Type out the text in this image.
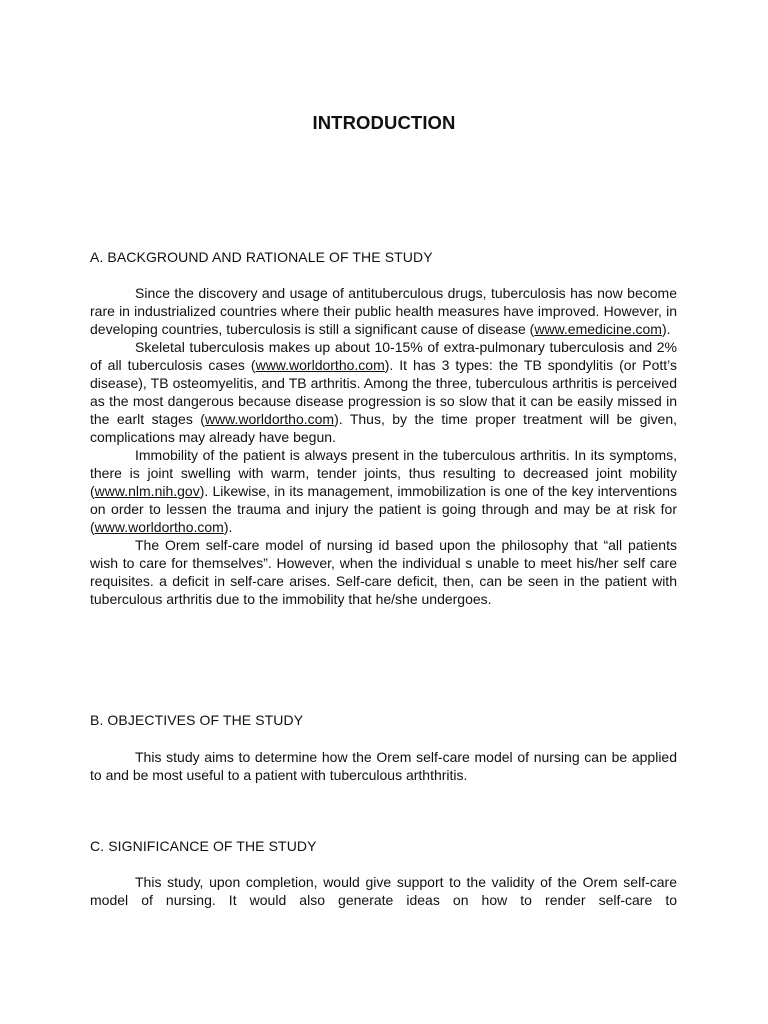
INTRODUCTION
A. BACKGROUND AND RATIONALE OF THE STUDY

Since the discovery and usage of antituberculous drugs, tuberculosis has now become rare in industrialized countries where their public health measures have improved. However, in developing countries, tuberculosis is still a significant cause of disease (www.emedicine.com).

Skeletal tuberculosis makes up about 10-15% of extra-pulmonary tuberculosis and 2% of all tuberculosis cases (www.worldortho.com). It has 3 types: the TB spondylitis (or Pott’s disease), TB osteomyelitis, and TB arthritis. Among the three, tuberculous arthritis is perceived as the most dangerous because disease progression is so slow that it can be easily missed in the earlt stages (www.worldortho.com). Thus, by the time proper treatment will be given, complications may already have begun.

Immobility of the patient is always present in the tuberculous arthritis. In its symptoms, there is joint swelling with warm, tender joints, thus resulting to decreased joint mobility (www.nlm.nih.gov). Likewise, in its management, immobilization is one of the key interventions on order to lessen the trauma and injury the patient is going through and may be at risk for (www.worldortho.com).

The Orem self-care model of nursing id based upon the philosophy that “all patients wish to care for themselves”. However, when the individual s unable to meet his/her self care requisites. a deficit in self-care arises. Self-care deficit, then, can be seen in the patient with tuberculous arthritis due to the immobility that he/she undergoes.

B. OBJECTIVES OF THE STUDY

This study aims to determine how the Orem self-care model of nursing can be applied to and be most useful to a patient with tuberculous arththritis.

C. SIGNIFICANCE OF THE STUDY

This study, upon completion, would give support to the validity of the Orem self-care model of nursing. It would also generate ideas on how to render self-care to
